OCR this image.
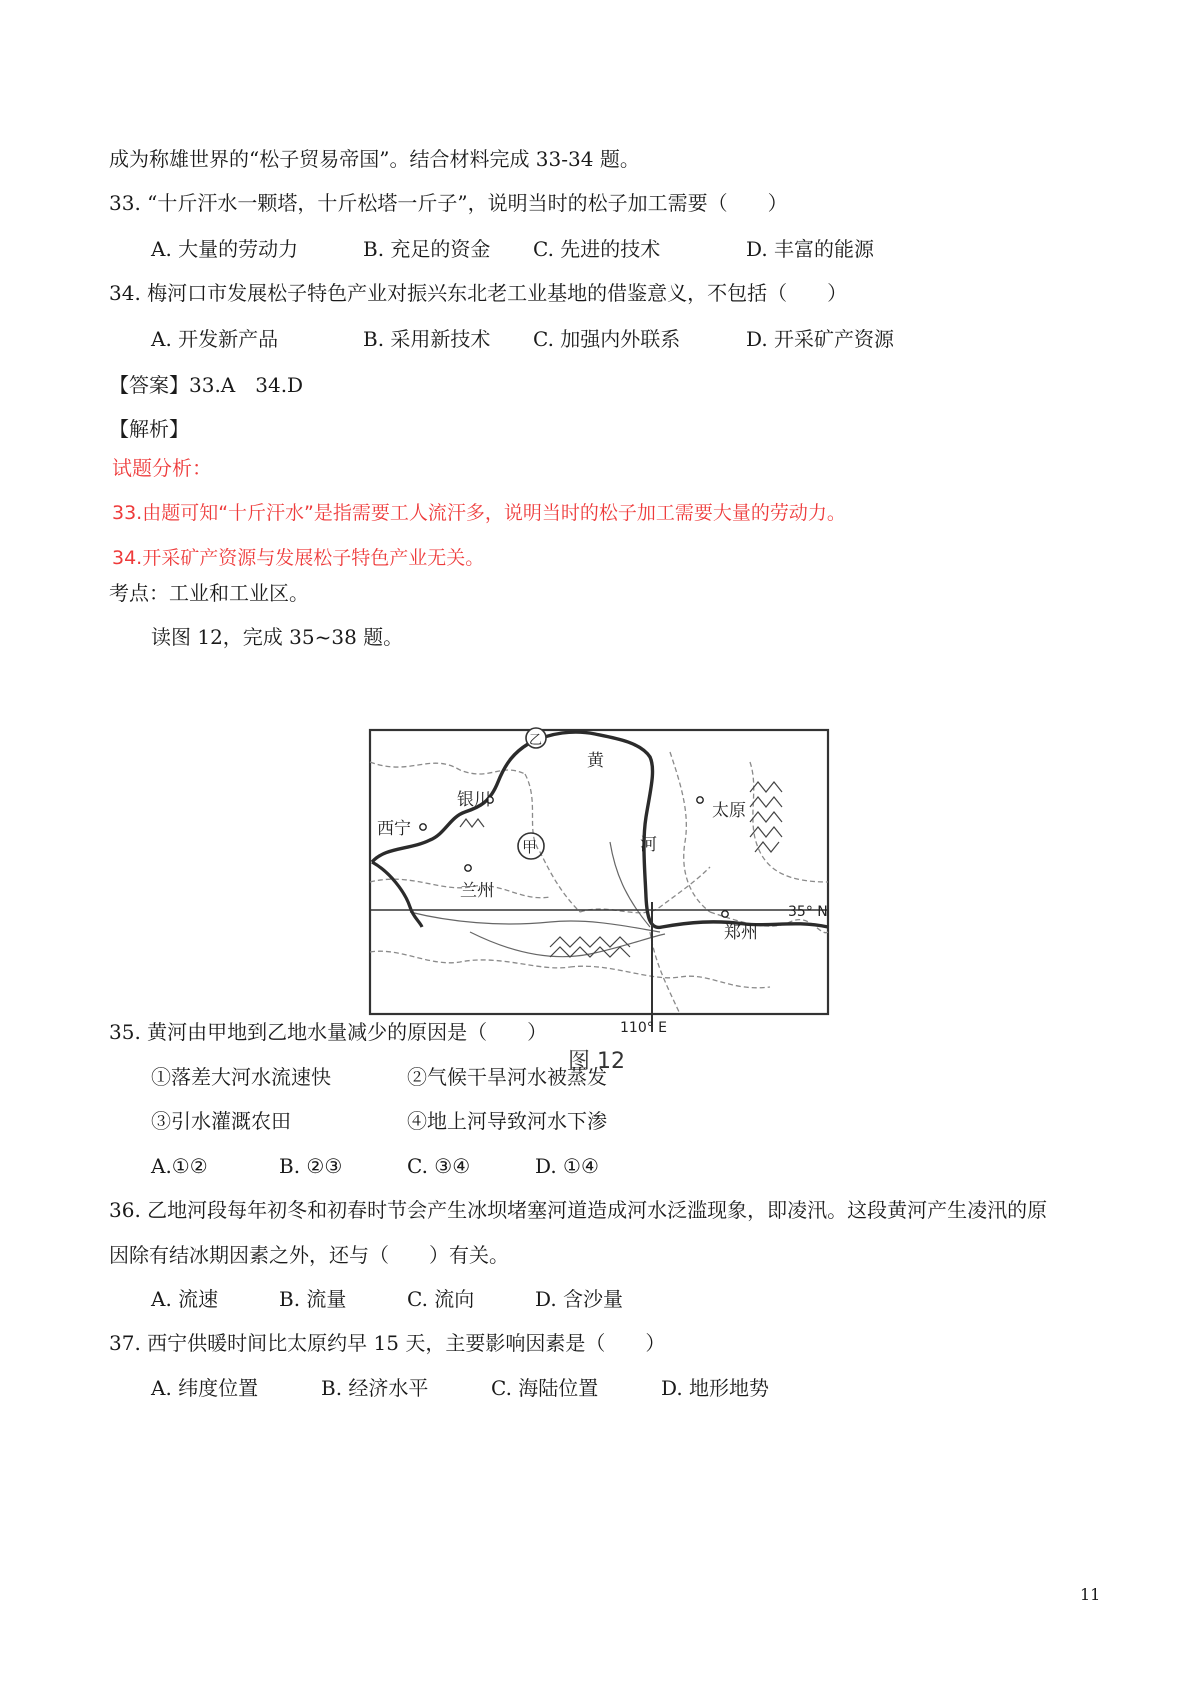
成为称雄世界的“松子贸易帝国”。结合材料完成 33-34 题。
33. “十斤汗水一颗塔，十斤松塔一斤子”，说明当时的松子加工需要（　　）
A. 大量的劳动力	B. 充足的资金 C. 先进的技术	D. 丰富的能源
34. 梅河口市发展松子特色产业对振兴东北老工业基地的借鉴意义，不包括（　　）
A. 开发新产品	B. 采用新技术 C. 加强内外联系	D. 开采矿产资源
【答案】33.A　34.D
【解析】
试题分析：
33.由题可知“十斤汗水”是指需要工人流汗多，说明当时的松子加工需要大量的劳动力。
34.开采矿产资源与发展松子特色产业无关。
考点：工业和工业区。
读图 12，完成 35~38 题。
乙
黄
河
银川
太原
西宁
甲
兰州
郑州
35° N
110° E
图 12
35. 黄河由甲地到乙地水量减少的原因是（　　）
①落差大河水流速快	②气候干旱河水被蒸发
③引水灌溉农田	④地上河导致河水下渗
A.①②	B. ②③	C. ③④	D. ①④
36. 乙地河段每年初冬和初春时节会产生冰坝堵塞河道造成河水泛滥现象，即凌汛。这段黄河产生凌汛的原
因除有结冰期因素之外，还与（　　）有关。
A. 流速	B. 流量	C. 流向	D. 含沙量
37. 西宁供暖时间比太原约早 15 天，主要影响因素是（　　）
A. 纬度位置	B. 经济水平	C. 海陆位置	D. 地形地势
11
